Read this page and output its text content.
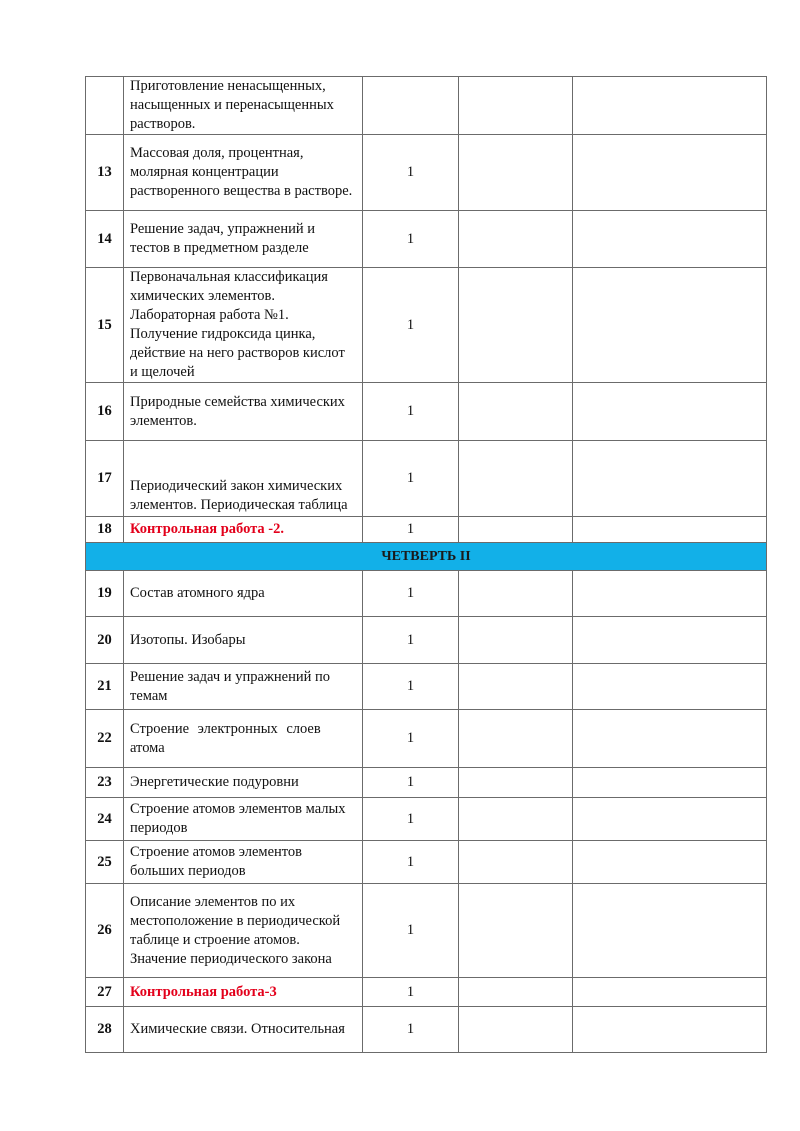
	Приготовление ненасыщенных, насыщенных и перенасыщенных растворов.			
13	Массовая доля, процентная, молярная концентрации растворенного вещества в растворе.	1		
14	Решение задач, упражнений и тестов в предметном разделе	1		
15	Первоначальная классификация химических элементов. Лабораторная работа №1. Получение гидроксида цинка, действие на него растворов кислот и щелочей	1		
16	Природные семейства химических элементов.	1		
17	Периодический закон химических элементов. Периодическая таблица	1		
18	Контрольная работа -2.	1		
ЧЕТВЕРТЬ II				
19	Состав атомного ядра	1		
20	Изотопы. Изобары	1		
21	Решение задач и упражнений по темам	1		
22	Строение электронных слоев атома	1		
23	Энергетические подуровни	1		
24	Строение атомов элементов малых периодов	1		
25	Строение атомов элементов больших периодов	1		
26	Описание элементов по их местоположение в периодической таблице и строение атомов. Значение периодического закона	1		
27	Контрольная работа-3	1		
28	Химические связи. Относительная	1		
